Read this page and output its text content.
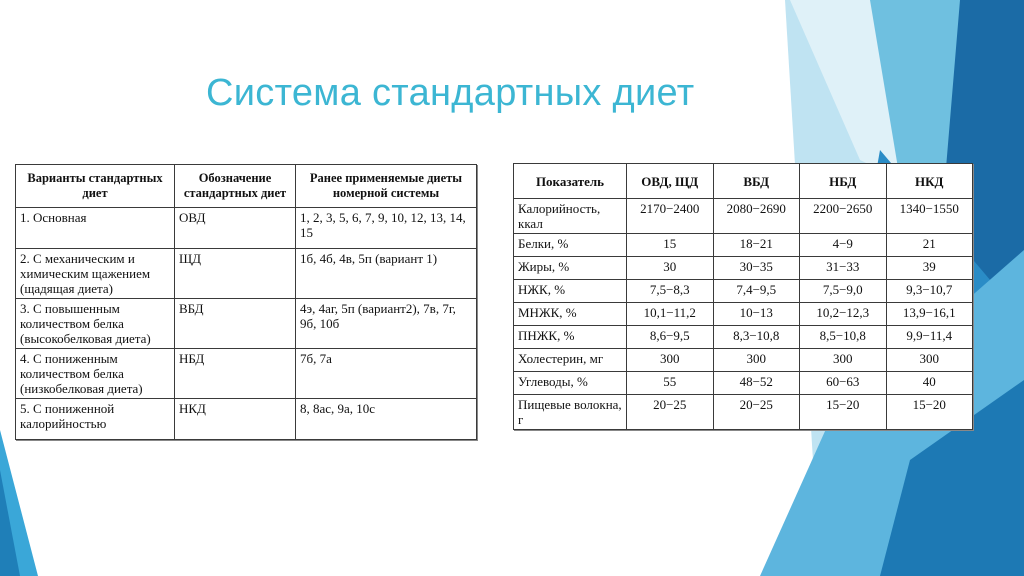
Система стандартных диет
Варианты стандартных диет	Обозначение стандартных диет	Ранее применяемые диеты номерной системы
1. Основная	ОВД	1, 2, 3, 5, 6, 7, 9, 10, 12, 13, 14, 15
2. С механическим и химическим щажением (щадящая диета)	ЩД	1б, 4б, 4в, 5п (вариант 1)
3. С повышенным количеством белка (высокобелковая диета)	ВБД	4э, 4аг, 5п (вариант2), 7в, 7г, 9б, 10б
4. С пониженным количеством белка (низкобелковая диета)	НБД	7б, 7а
5. С пониженной калорийностью	НКД	8, 8ас, 9а, 10с
Показатель	ОВД, ЩД	ВБД	НБД	НКД
Калорийность, ккал	2170−2400	2080−2690	2200−2650	1340−1550
Белки, %	15	18−21	4−9	21
Жиры, %	30	30−35	31−33	39
НЖК, %	7,5−8,3	7,4−9,5	7,5−9,0	9,3−10,7
МНЖК, %	10,1−11,2	10−13	10,2−12,3	13,9−16,1
ПНЖК, %	8,6−9,5	8,3−10,8	8,5−10,8	9,9−11,4
Холестерин, мг	300	300	300	300
Углеводы, %	55	48−52	60−63	40
Пищевые волокна, г	20−25	20−25	15−20	15−20
